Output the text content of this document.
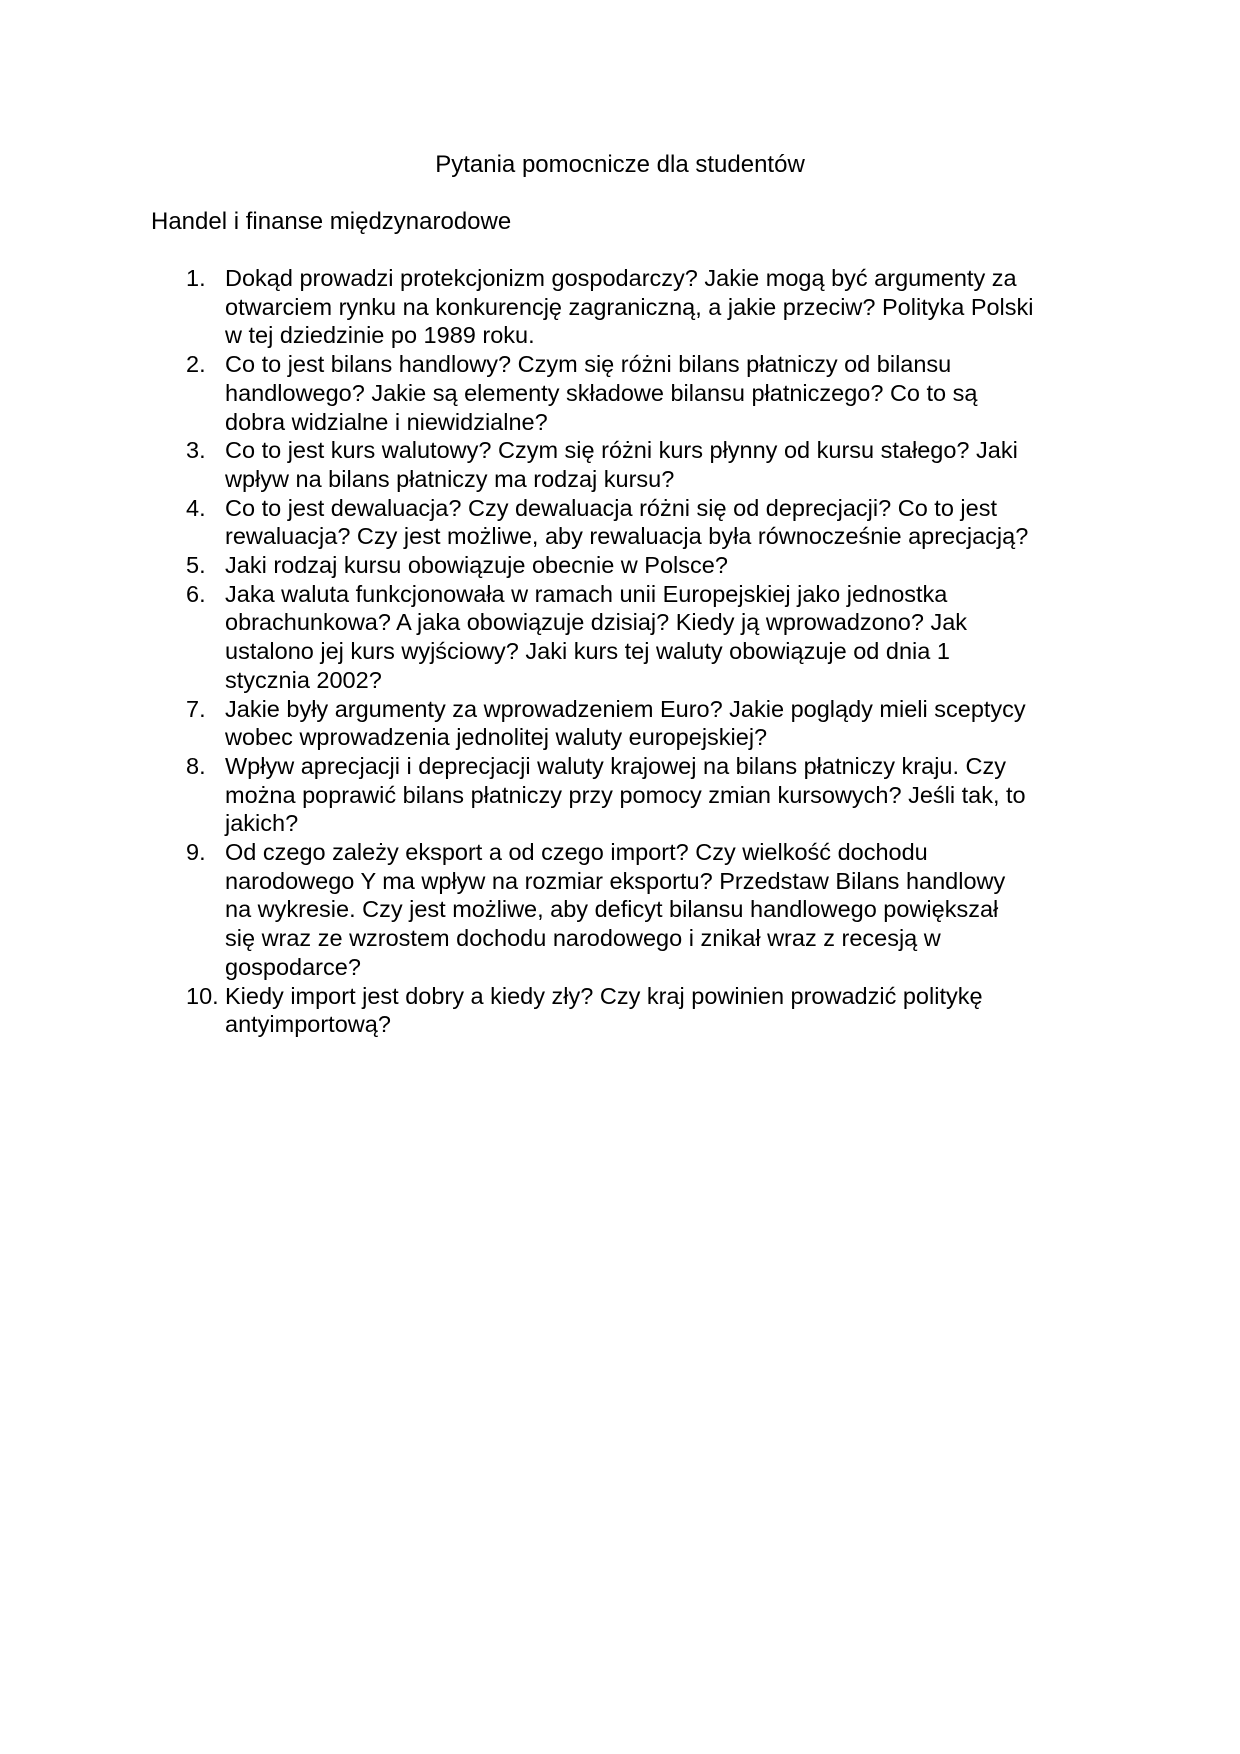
Pytania pomocnicze dla studentów
Handel i finanse międzynarodowe
1. Dokąd prowadzi protekcjonizm gospodarczy? Jakie mogą być argumenty za
otwarciem rynku na konkurencję zagraniczną, a jakie przeciw? Polityka Polski
w tej dziedzinie po 1989 roku.
2. Co to jest bilans handlowy? Czym się różni bilans płatniczy od bilansu
handlowego? Jakie są elementy składowe bilansu płatniczego? Co to są
dobra widzialne i niewidzialne?
3. Co to jest kurs walutowy? Czym się różni kurs płynny od kursu stałego? Jaki
wpływ na bilans płatniczy ma rodzaj kursu?
4. Co to jest dewaluacja? Czy dewaluacja różni się od deprecjacji? Co to jest
rewaluacja? Czy jest możliwe, aby rewaluacja była równocześnie aprecjacją?
5. Jaki rodzaj kursu obowiązuje obecnie w Polsce?
6. Jaka waluta funkcjonowała w ramach unii Europejskiej jako jednostka
obrachunkowa? A jaka obowiązuje dzisiaj? Kiedy ją wprowadzono? Jak
ustalono jej kurs wyjściowy? Jaki kurs tej waluty obowiązuje od dnia 1
stycznia 2002?
7. Jakie były argumenty za wprowadzeniem Euro? Jakie poglądy mieli sceptycy
wobec wprowadzenia jednolitej waluty europejskiej?
8. Wpływ aprecjacji i deprecjacji waluty krajowej na bilans płatniczy kraju. Czy
można poprawić bilans płatniczy przy pomocy zmian kursowych? Jeśli tak, to
jakich?
9. Od czego zależy eksport a od czego import? Czy wielkość dochodu
narodowego Y ma wpływ na rozmiar eksportu? Przedstaw Bilans handlowy
na wykresie. Czy jest możliwe, aby deficyt bilansu handlowego powiększał
się wraz ze wzrostem dochodu narodowego i znikał wraz z recesją w
gospodarce?
10. Kiedy import jest dobry a kiedy zły? Czy kraj powinien prowadzić politykę
antyimportową?
